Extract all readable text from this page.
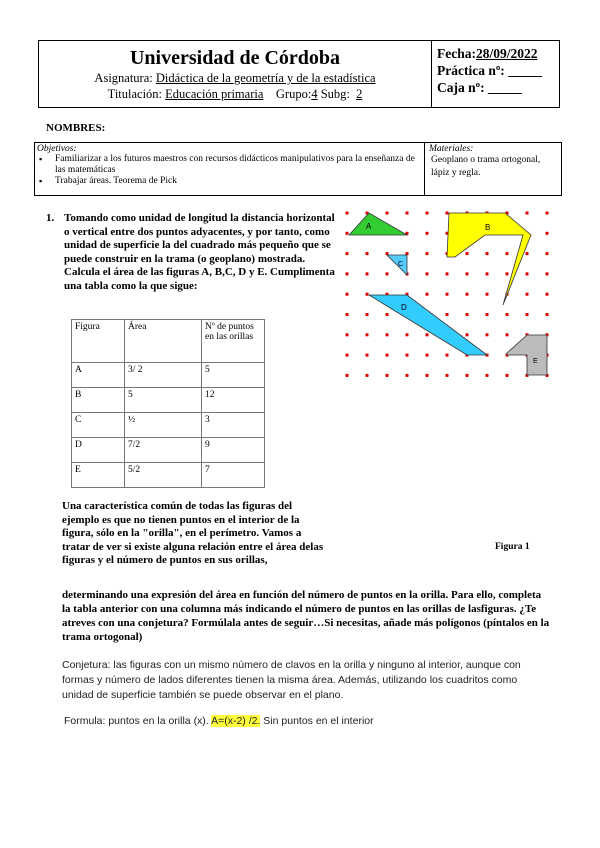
Universidad de Córdoba
Asignatura: Didáctica de la geometría y de la estadística
Titulación: Educación primaria Grupo:4 Subg:  2
Fecha:28/09/2022
Práctica nº: _____
Caja nº: _____
NOMBRES:
Objetivos:
▪ Familiarizar a los futuros maestros con recursos didácticos manipulativos para la enseñanza de las matemáticas
▪ Trabajar áreas. Teorema de Pick
Materiales:
Geoplano o trama ortogonal, lápiz y regla.
1. Tomando como unidad de longitud la distancia horizontal o vertical entre dos puntos adyacentes, y por tanto, como unidad de superficie la del cuadrado más pequeño que se puede construir en la trama (o geoplano) mostrada. Calcula el área de las figuras A, B,C, D y E. Cumplimenta una tabla como la que sigue:
Figura	Área	Nº de puntos en las orillas
A	3/ 2	5
B	5	12
C	½	3
D	7/2	9
E	5/2	7
A	B
C
D
E
Una característica común de todas las figuras del ejemplo es que no tienen puntos en el interior de la figura, sólo en la "orilla", en el perímetro. Vamos a tratar de ver si existe alguna relación entre el área delas figuras y el número de puntos en sus orillas,
Figura 1
determinando una expresión del área en función del número de puntos en la orilla. Para ello, completa la tabla anterior con una columna más indicando el número de puntos en las orillas de lasfiguras. ¿Te atreves con una conjetura? Formúlala antes de seguir…Si necesitas, añade más polígonos (píntalos en la trama ortogonal)
Conjetura: las figuras con un mismo número de clavos en la orilla y ninguno al interior, aunque con formas y número de lados diferentes tienen la misma área. Además, utilizando los cuadritos como unidad de superficie también se puede observar en el plano.
Formula: puntos en la orilla (x). A=(x-2) /2. Sin puntos en el interior
